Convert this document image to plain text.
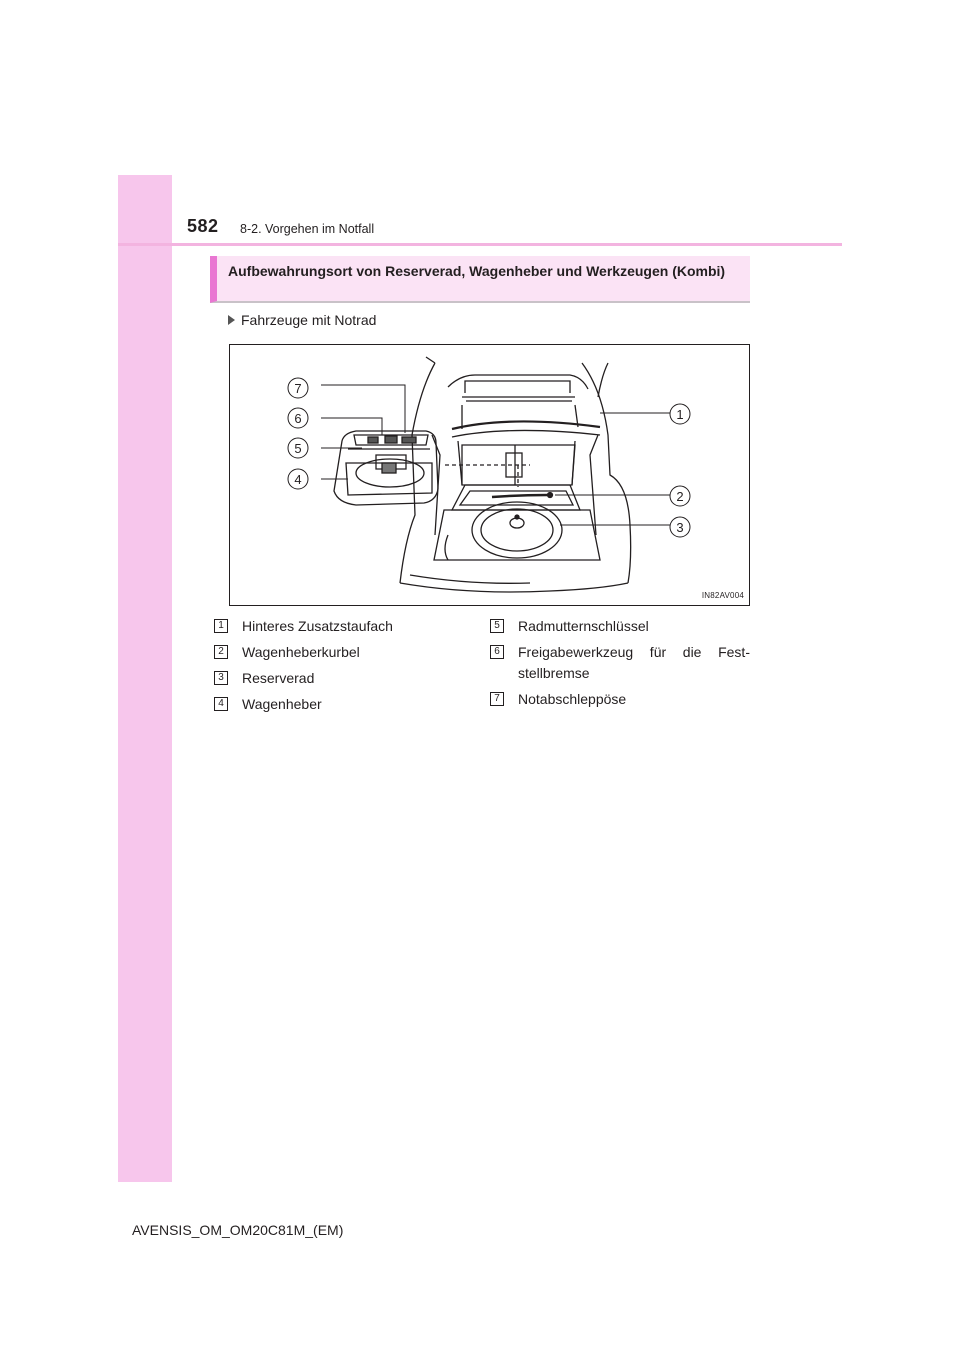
582 8-2. Vorgehen im Notfall
Aufbewahrungsort von Reserverad, Wagenheber und Werkzeugen (Kombi)
Fahrzeuge mit Notrad
7
6
5
4
1
2
3
IN82AV004
1	Hinteres Zusatzstaufach
2	Wagenheberkurbel
3	Reserverad
4	Wagenheber
5	Radmutternschlüssel
6	Freigabewerkzeug für die Fest-stellbremse
7	Notabschleppöse
AVENSIS_OM_OM20C81M_(EM)
